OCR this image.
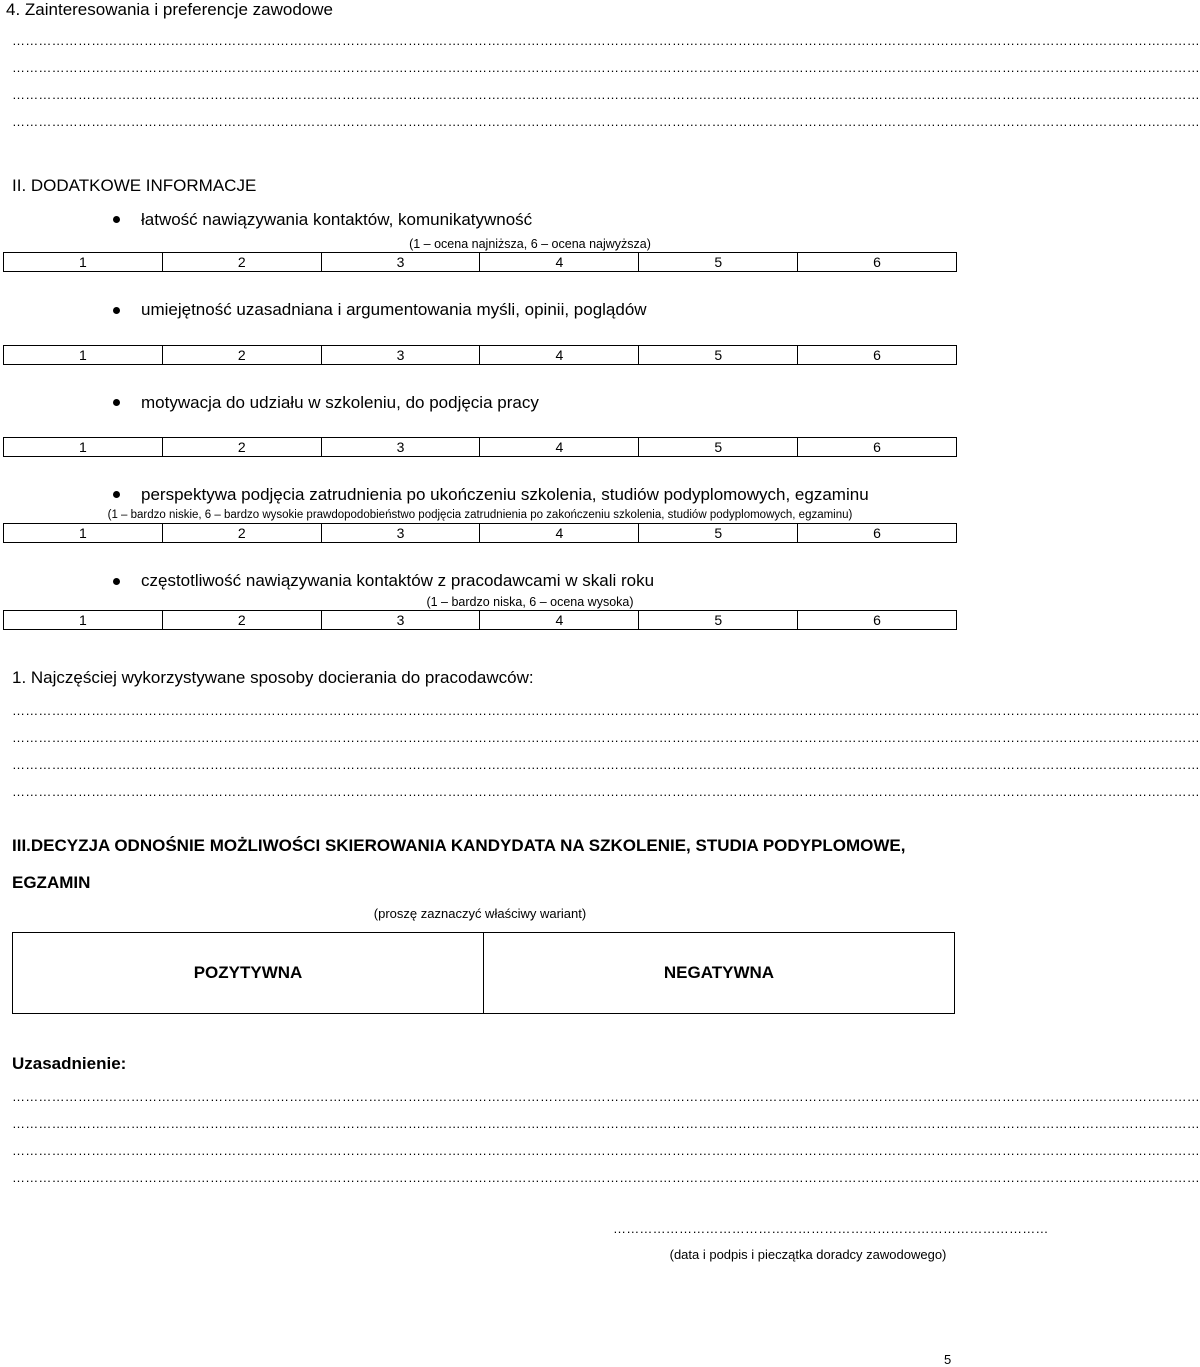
4. Zainteresowania i preferencje zawodowe
………………………………………………………………………………………………………………………………………………………………………………………………………………………………………………
………………………………………………………………………………………………………………………………………………………………………………………………………………………………………………
………………………………………………………………………………………………………………………………………………………………………………………………………………………………………………
………………………………………………………………………………………………………………………………………………………………………………………………………………………………………………
II. DODATKOWE INFORMACJE
łatwość nawiązywania kontaktów, komunikatywność
(1 – ocena najniższa, 6 – ocena najwyższa)
1	2	3	4	5	6
umiejętność uzasadniana i argumentowania myśli, opinii, poglądów
1	2	3	4	5	6
motywacja do udziału w szkoleniu, do podjęcia pracy
1	2	3	4	5	6
perspektywa podjęcia zatrudnienia po ukończeniu szkolenia, studiów podyplomowych, egzaminu
(1 – bardzo niskie, 6 – bardzo wysokie prawdopodobieństwo podjęcia zatrudnienia po zakończeniu szkolenia, studiów podyplomowych, egzaminu)
1	2	3	4	5	6
częstotliwość nawiązywania kontaktów z pracodawcami w skali roku
(1 – bardzo niska, 6 – ocena wysoka)
1	2	3	4	5	6
1. Najczęściej wykorzystywane sposoby docierania do pracodawców:
………………………………………………………………………………………………………………………………………………………………………………………………………………………………………………
………………………………………………………………………………………………………………………………………………………………………………………………………………………………………………
………………………………………………………………………………………………………………………………………………………………………………………………………………………………………………
………………………………………………………………………………………………………………………………………………………………………………………………………………………………………………
III.DECYZJA ODNOŚNIE MOŻLIWOŚCI SKIEROWANIA KANDYDATA NA SZKOLENIE, STUDIA PODYPLOMOWE,
EGZAMIN
(proszę zaznaczyć właściwy wariant)
POZYTYWNA	NEGATYWNA
Uzasadnienie:
………………………………………………………………………………………………………………………………………………………………………………………………………………………………………………
………………………………………………………………………………………………………………………………………………………………………………………………………………………………………………
………………………………………………………………………………………………………………………………………………………………………………………………………………………………………………
………………………………………………………………………………………………………………………………………………………………………………………………………………………………………………
………………………………………………………………………………………
(data i podpis i pieczątka doradcy zawodowego)
5
